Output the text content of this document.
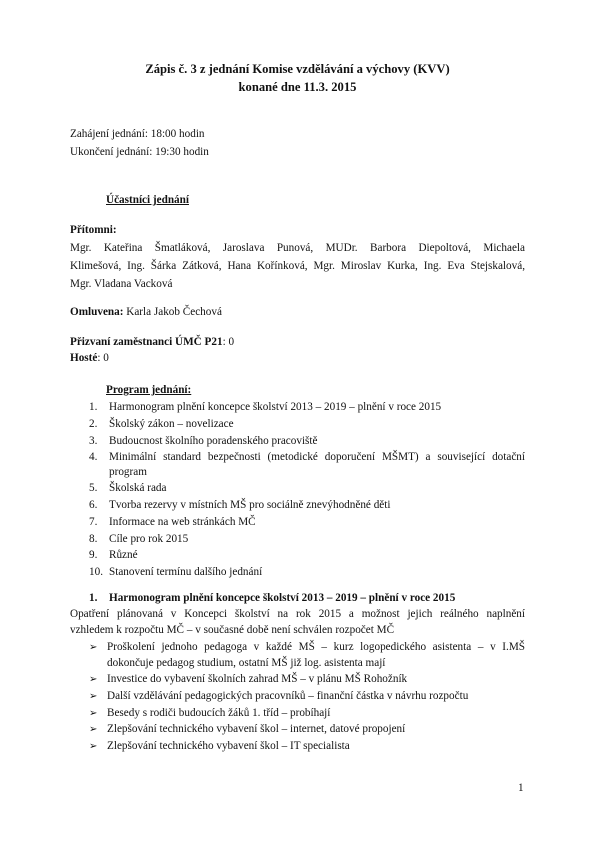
Zápis č. 3 z jednání Komise vzdělávání a výchovy (KVV)
konané dne 11.3. 2015
Zahájení jednání: 18:00 hodin
Ukončení jednání: 19:30 hodin
Účastníci jednání
Přítomni:
Mgr. Kateřina Šmatláková, Jaroslava Punová, MUDr. Barbora Diepoltová, Michaela
Klimešová, Ing. Šárka Zátková, Hana Kořínková, Mgr. Miroslav Kurka, Ing. Eva Stejskalová,
Mgr. Vladana Vacková
Omluvena: Karla Jakob Čechová
Přizvaní zaměstnanci ÚMČ P21: 0
Hosté: 0
Program jednání:
1. Harmonogram plnění koncepce školství 2013 – 2019 – plnění v roce 2015
2. Školský zákon – novelizace
3. Budoucnost školního poradenského pracoviště
4.	Minimální standard bezpečnosti (metodické doporučení MŠMT) a související dotační
program
5. Školská rada
6. Tvorba rezervy v místních MŠ pro sociálně znevýhodněné děti
7. Informace na web stránkách MČ
8. Cíle pro rok 2015
9. Různé
10. Stanovení termínu dalšího jednání
1. Harmonogram plnění koncepce školství 2013 – 2019 – plnění v roce 2015
Opatření plánovaná v Koncepci školství na rok 2015 a možnost jejich reálného naplnění
vzhledem k rozpočtu MČ – v současné době není schválen rozpočet MČ
➢ Proškolení jednoho pedagoga v každé MŠ – kurz logopedického asistenta – v I.MŠ
dokončuje pedagog studium, ostatní MŠ již log. asistenta mají
➢ Investice do vybavení školních zahrad MŠ – v plánu MŠ Rohožník
➢ Další vzdělávání pedagogických pracovníků – finanční částka v návrhu rozpočtu
➢ Besedy s rodiči budoucích žáků 1. tříd – probíhají
➢ Zlepšování technického vybavení škol – internet, datové propojení
➢ Zlepšování technického vybavení škol – IT specialista
1
